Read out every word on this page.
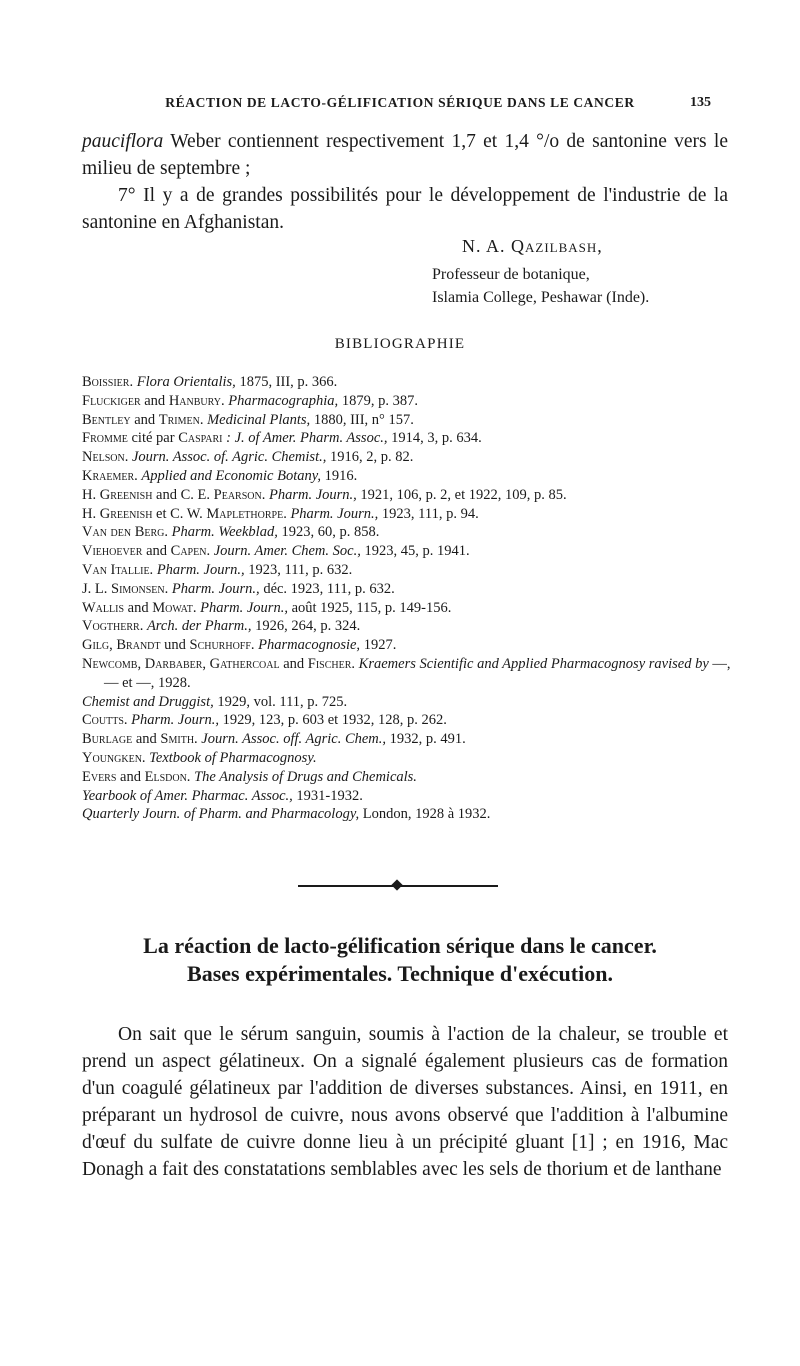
RÉACTION DE LACTO-GÉLIFICATION SÉRIQUE DANS LE CANCER	135

pauciflora Weber contiennent respectivement 1,7 et 1,4 °/o de santonine vers le milieu de septembre ;

7° Il y a de grandes possibilités pour le développement de l'industrie de la santonine en Afghanistan.

N. A. Qazilbash,
Professeur de botanique,
Islamia College, Peshawar (Inde).
BIBLIOGRAPHIE
Boissier. Flora Orientalis, 1875, III, p. 366.
Fluckiger and Hanbury. Pharmacographia, 1879, p. 387.
Bentley and Trimen. Medicinal Plants, 1880, III, n° 157.
Fromme cité par Caspari : J. of Amer. Pharm. Assoc., 1914, 3, p. 634.
Nelson. Journ. Assoc. of. Agric. Chemist., 1916, 2, p. 82.
Kraemer. Applied and Economic Botany, 1916.
H. Greenish and C. E. Pearson. Pharm. Journ., 1921, 106, p. 2, et 1922, 109, p. 85.
H. Greenish et C. W. Maplethorpe. Pharm. Journ., 1923, 111, p. 94.
Van den Berg. Pharm. Weekblad, 1923, 60, p. 858.
Viehoever and Capen. Journ. Amer. Chem. Soc., 1923, 45, p. 1941.
Van Itallie. Pharm. Journ., 1923, 111, p. 632.
J. L. Simonsen. Pharm. Journ., déc. 1923, 111, p. 632.
Wallis and Mowat. Pharm. Journ., août 1925, 115, p. 149-156.
Vogtherr. Arch. der Pharm., 1926, 264, p. 324.
Gilg, Brandt und Schurhoff. Pharmacognosie, 1927.
Newcomb, Darbaber, Gathercoal and Fischer. Kraemers Scientific and Applied Pharmacognosy ravised by —, — et —, 1928.
Chemist and Druggist, 1929, vol. 111, p. 725.
Coutts. Pharm. Journ., 1929, 123, p. 603 et 1932, 128, p. 262.
Burlage and Smith. Journ. Assoc. off. Agric. Chem., 1932, p. 491.
Youngken. Textbook of Pharmacognosy.
Evers and Elsdon. The Analysis of Drugs and Chemicals.
Yearbook of Amer. Pharmac. Assoc., 1931-1932.
Quarterly Journ. of Pharm. and Pharmacology, London, 1928 à 1932.
La réaction de lacto-gélification sérique dans le cancer.
Bases expérimentales. Technique d'exécution.

On sait que le sérum sanguin, soumis à l'action de la chaleur, se trouble et prend un aspect gélatineux. On a signalé également plusieurs cas de formation d'un coagulé gélatineux par l'addition de diverses substances. Ainsi, en 1911, en préparant un hydrosol de cuivre, nous avons observé que l'addition à l'albumine d'œuf du sulfate de cuivre donne lieu à un précipité gluant [1] ; en 1916, Mac Donagh a fait des constatations semblables avec les sels de thorium et de lanthane
